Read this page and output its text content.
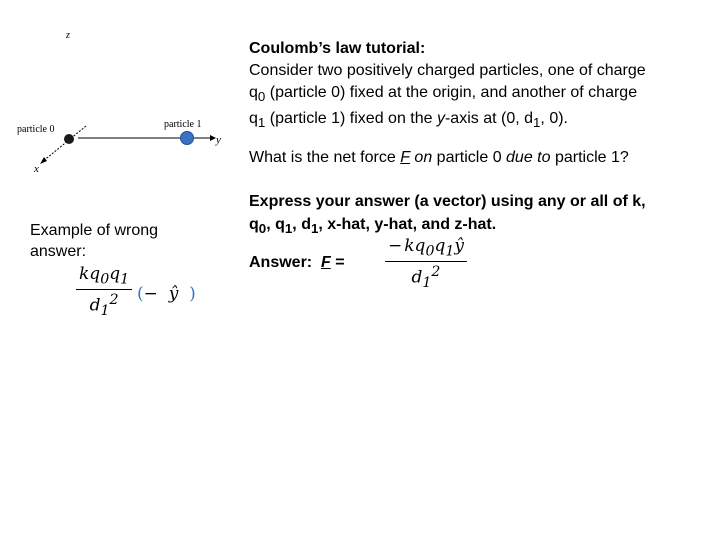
z
y
x
particle 0	particle 1
Coulomb’s law tutorial:
Consider two positively charged particles, one of charge
$q_0$ (particle 0) fixed at the origin, and another of charge
$q_1$ (particle 1) fixed on the y-axis at (0, $d_1$, 0).
What is the net force F on particle 0 due to particle 1?
Express your answer (a vector) using any or all of k,
$q_0$, $q_1$, $d_1$, x-hat, y-hat, and z-hat.
Answer: F =
− $kq_0q_1ŷ$
$d_1^2$
Example of wrong answer:
$kq_0q_1$
$d_1^2$ (− ŷ )
